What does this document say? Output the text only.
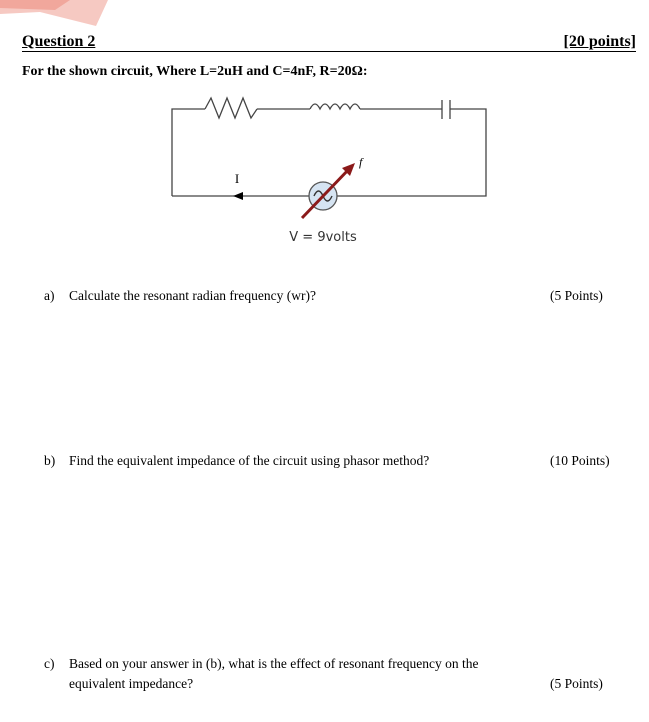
Question 2	[20 points]
For the shown circuit, Where L=2uH and C=4nF, R=20Ω:
I
f
V = 9volts
a) Calculate the resonant radian frequency (wr)?	(5 Points)
b) Find the equivalent impedance of the circuit using phasor method?	(10 Points)
c) Based on your answer in (b), what is the effect of resonant frequency on the
equivalent impedance?	(5 Points)
